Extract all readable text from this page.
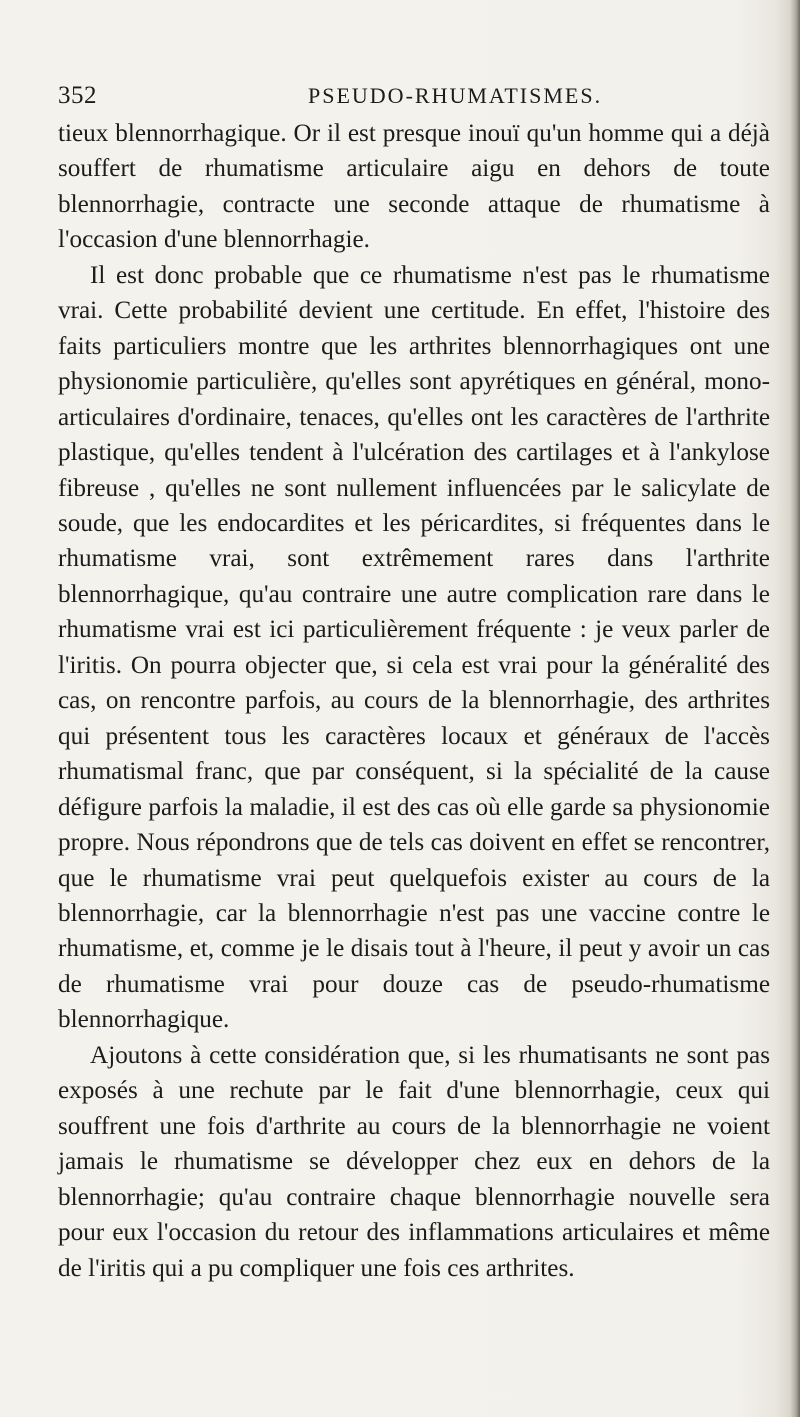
352	PSEUDO-RHUMATISMES.

tieux blennorrhagique. Or il est presque inouï qu'un homme qui a déjà souffert de rhumatisme articulaire aigu en dehors de toute blennorrhagie, contracte une seconde attaque de rhumatisme à l'occasion d'une blennorrhagie.

Il est donc probable que ce rhumatisme n'est pas le rhumatisme vrai. Cette probabilité devient une certitude. En effet, l'histoire des faits particuliers montre que les arthrites blennorrhagiques ont une physionomie particulière, qu'elles sont apyrétiques en général, mono-articulaires d'ordinaire, tenaces, qu'elles ont les caractères de l'arthrite plastique, qu'elles tendent à l'ulcération des cartilages et à l'ankylose fibreuse , qu'elles ne sont nullement influencées par le salicylate de soude, que les endocardites et les péricardites, si fréquentes dans le rhumatisme vrai, sont extrêmement rares dans l'arthrite blennorrhagique, qu'au contraire une autre complication rare dans le rhumatisme vrai est ici particulièrement fréquente : je veux parler de l'iritis. On pourra objecter que, si cela est vrai pour la généralité des cas, on rencontre parfois, au cours de la blennorrhagie, des arthrites qui présentent tous les caractères locaux et généraux de l'accès rhumatismal franc, que par conséquent, si la spécialité de la cause défigure parfois la maladie, il est des cas où elle garde sa physionomie propre. Nous répondrons que de tels cas doivent en effet se rencontrer, que le rhumatisme vrai peut quelquefois exister au cours de la blennorrhagie, car la blennorrhagie n'est pas une vaccine contre le rhumatisme, et, comme je le disais tout à l'heure, il peut y avoir un cas de rhumatisme vrai pour douze cas de pseudo-rhumatisme blennorrhagique.

Ajoutons à cette considération que, si les rhumatisants ne sont pas exposés à une rechute par le fait d'une blennorrhagie, ceux qui souffrent une fois d'arthrite au cours de la blennorrhagie ne voient jamais le rhumatisme se développer chez eux en dehors de la blennorrhagie; qu'au contraire chaque blennorrhagie nouvelle sera pour eux l'occasion du retour des inflammations articulaires et même de l'iritis qui a pu compliquer une fois ces arthrites.
